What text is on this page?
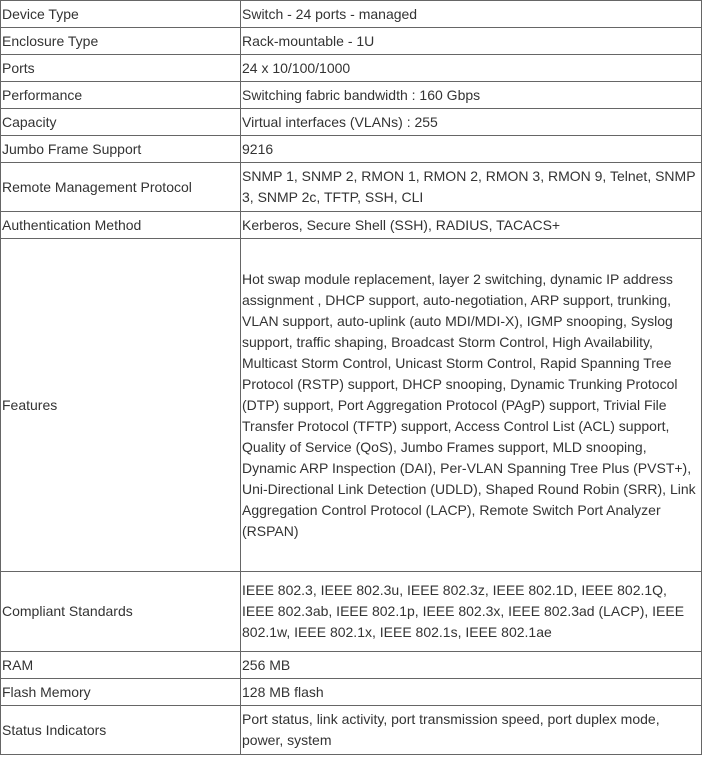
Device Type	Switch - 24 ports - managed
Enclosure Type	Rack-mountable - 1U
Ports	24 x 10/100/1000
Performance	Switching fabric bandwidth : 160 Gbps
Capacity	Virtual interfaces (VLANs) : 255
Jumbo Frame Support	9216
Remote Management Protocol	SNMP 1, SNMP 2, RMON 1, RMON 2, RMON 3, RMON 9, Telnet, SNMP 3, SNMP 2c, TFTP, SSH, CLI
Authentication Method	Kerberos, Secure Shell (SSH), RADIUS, TACACS+
Features	Hot swap module replacement, layer 2 switching, dynamic IP address assignment , DHCP support, auto-negotiation, ARP support, trunking, VLAN support, auto-uplink (auto MDI/MDI-X), IGMP snooping, Syslog support, traffic shaping, Broadcast Storm Control, High Availability, Multicast Storm Control, Unicast Storm Control, Rapid Spanning Tree Protocol (RSTP) support, DHCP snooping, Dynamic Trunking Protocol (DTP) support, Port Aggregation Protocol (PAgP) support, Trivial File Transfer Protocol (TFTP) support, Access Control List (ACL) support, Quality of Service (QoS), Jumbo Frames support, MLD snooping, Dynamic ARP Inspection (DAI), Per-VLAN Spanning Tree Plus (PVST+), Uni-Directional Link Detection (UDLD), Shaped Round Robin (SRR), Link Aggregation Control Protocol (LACP), Remote Switch Port Analyzer (RSPAN)
Compliant Standards	IEEE 802.3, IEEE 802.3u, IEEE 802.3z, IEEE 802.1D, IEEE 802.1Q, IEEE 802.3ab, IEEE 802.1p, IEEE 802.3x, IEEE 802.3ad (LACP), IEEE 802.1w, IEEE 802.1x, IEEE 802.1s, IEEE 802.1ae
RAM	256 MB
Flash Memory	128 MB flash
Status Indicators	Port status, link activity, port transmission speed, port duplex mode, power, system
